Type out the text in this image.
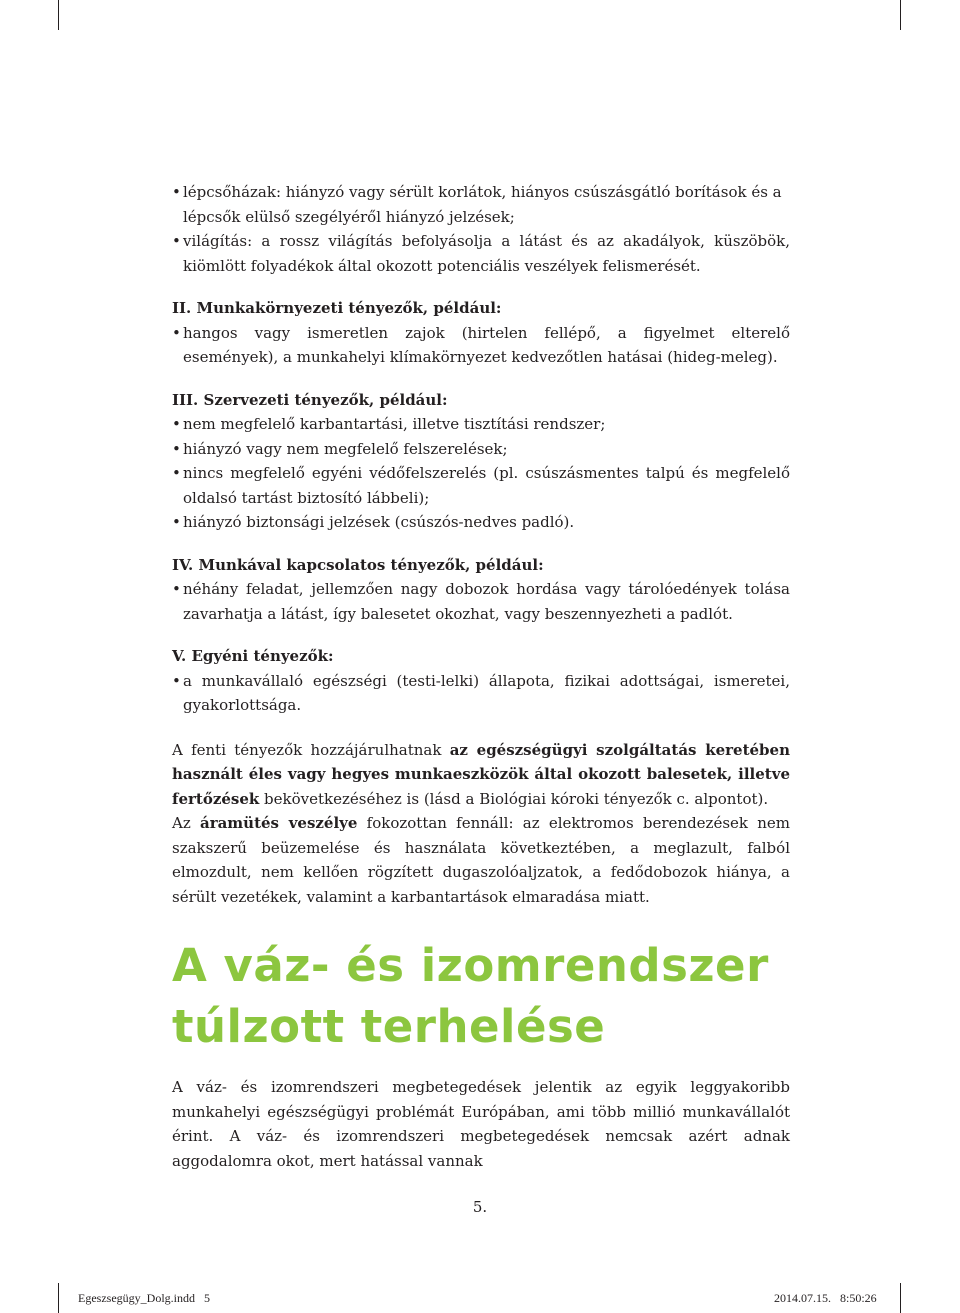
• lépcsőházak: hiányzó vagy sérült korlátok, hiányos csúszásgátló borítások és a lépcsők elülső szegélyéről hiányzó jelzések;

• világítás: a rossz világítás befolyásolja a látást és az akadályok, küszöbök, kiömlött folyadékok által okozott potenciális veszélyek felismerését.

II. Munkakörnyezeti tényezők, például:

• hangos vagy ismeretlen zajok (hirtelen fellépő, a figyelmet elterelő események), a munkahelyi klímakörnyezet kedvezőtlen hatásai (hideg-meleg).

III. Szervezeti tényezők, például:

• nem megfelelő karbantartási, illetve tisztítási rendszer;

• hiányzó vagy nem megfelelő felszerelések;

• nincs megfelelő egyéni védőfelszerelés (pl. csúszásmentes talpú és megfelelő oldalsó tartást biztosító lábbeli);

• hiányzó biztonsági jelzések (csúszós-nedves padló).

IV. Munkával kapcsolatos tényezők, például:

• néhány feladat, jellemzően nagy dobozok hordása vagy tárolóedények tolása zavarhatja a látást, így balesetet okozhat, vagy beszennyezheti a padlót.

V. Egyéni tényezők:

• a munkavállaló egészségi (testi-lelki) állapota, fizikai adottságai, ismeretei, gyakorlottsága.

A fenti tényezők hozzájárulhatnak az egészségügyi szolgáltatás keretében használt éles vagy hegyes munkaeszközök által okozott balesetek, illetve fertőzések bekövetkezéséhez is (lásd a Biológiai kóroki tényezők c. alpontot).

Az áramütés veszélye fokozottan fennáll: az elektromos berendezések nem szakszerű beüzemelése és használata következtében, a meglazult, falból elmozdult, nem kellően rögzített dugaszolóaljzatok, a fedődobozok hiánya, a sérült vezetékek, valamint a karbantartások elmaradása miatt.

A váz- és izomrendszer
túlzott terhelése

A váz- és izomrendszeri megbetegedések jelentik az egyik leggyakoribb munkahelyi egészségügyi problémát Európában, ami több millió munkavállalót érint. A váz- és izomrendszeri megbetegedések nemcsak azért adnak aggodalomra okot, mert hatással vannak

5.
Egeszsegügy_Dolg.indd   5	2014.07.15.   8:50:26
